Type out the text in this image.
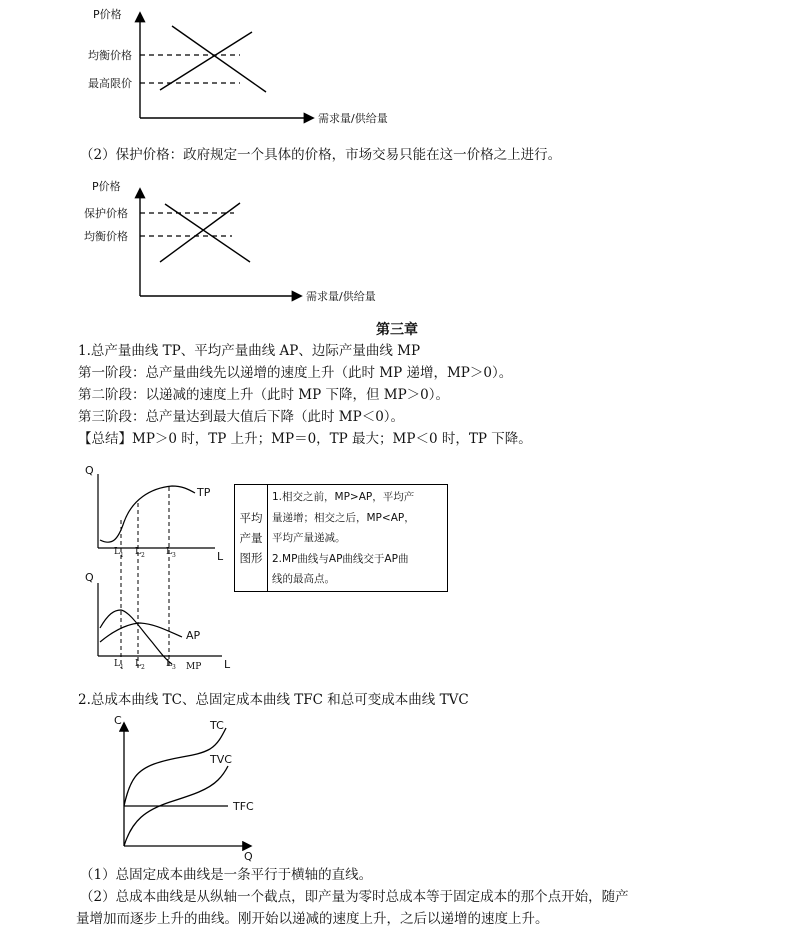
P价格
均衡价格
最高限价
需求量/供给量
（2）保护价格：政府规定一个具体的价格，市场交易只能在这一价格之上进行。
P价格
保护价格
均衡价格
需求量/供给量
第三章
1.总产量曲线 TP、平均产量曲线 AP、边际产量曲线 MP
第一阶段：总产量曲线先以递增的速度上升（此时 MP 递增，MP＞0）。
第二阶段：以递减的速度上升（此时 MP 下降，但 MP＞0）。
第三阶段：总产量达到最大值后下降（此时 MP＜0）。
【总结】MP＞0 时，TP 上升；MP＝0，TP 最大；MP＜0 时，TP 下降。
Q
TP
L
Q
AP
L
MP
$L_1$ $L_2$ $L_3$
$L_1$ $L_2$ $L_3$
平均
产量
图形
1.相交之前，MP>AP，平均产
量递增；相交之后，MP<AP，
平均产量递减。
2.MP曲线与AP曲线交于AP曲
线的最高点。
2.总成本曲线 TC、总固定成本曲线 TFC 和总可变成本曲线 TVC
C	TC
TVC
TFC
Q
（1）总固定成本曲线是一条平行于横轴的直线。
（2）总成本曲线是从纵轴一个截点，即产量为零时总成本等于固定成本的那个点开始，随产
量增加而逐步上升的曲线。刚开始以递减的速度上升，之后以递增的速度上升。
